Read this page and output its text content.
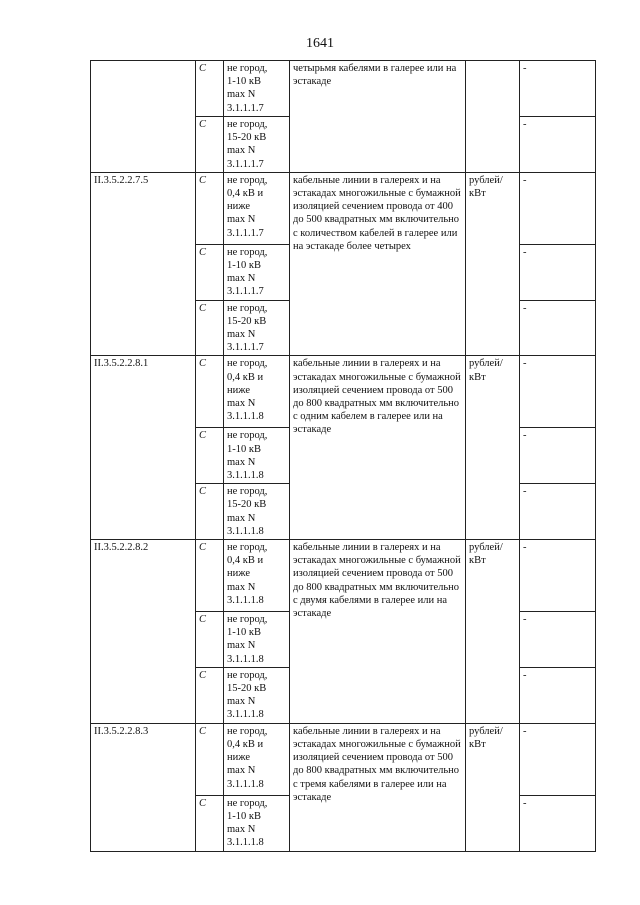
1641
	С	не город,
1-10 кВ
max N
3.1.1.1.7	четырьмя кабелями в галерее или на эстакаде		-
	С	не город,
15-20 кВ
max N
3.1.1.1.7			-
II.3.5.2.2.7.5	С	не город,
0,4 кВ и
ниже
max N
3.1.1.1.7	кабельные линии в галереях и на эстакадах многожильные с бумажной изоляцией сечением провода от 400 до 500 квадратных мм включительно с количеством кабелей в галерее или на эстакаде более четырех	рублей/
кВт	-
	С	не город,
1-10 кВ
max N
3.1.1.1.7			-
	С	не город,
15-20 кВ
max N
3.1.1.1.7			-
II.3.5.2.2.8.1	С	не город,
0,4 кВ и
ниже
max N
3.1.1.1.8	кабельные линии в галереях и на эстакадах многожильные с бумажной изоляцией сечением провода от 500 до 800 квадратных мм включительно с одним кабелем в галерее или на эстакаде	рублей/
кВт	-
	С	не город,
1-10 кВ
max N
3.1.1.1.8			-
	С	не город,
15-20 кВ
max N
3.1.1.1.8			-
II.3.5.2.2.8.2	С	не город,
0,4 кВ и
ниже
max N
3.1.1.1.8	кабельные линии в галереях и на эстакадах многожильные с бумажной изоляцией сечением провода от 500 до 800 квадратных мм включительно с двумя кабелями в галерее или на эстакаде	рублей/
кВт	-
	С	не город,
1-10 кВ
max N
3.1.1.1.8			-
	С	не город,
15-20 кВ
max N
3.1.1.1.8			-
II.3.5.2.2.8.3	С	не город,
0,4 кВ и
ниже
max N
3.1.1.1.8	кабельные линии в галереях и на эстакадах многожильные с бумажной изоляцией сечением провода от 500 до 800 квадратных мм включительно с тремя кабелями в галерее или на эстакаде	рублей/
кВт	-
	С	не город,
1-10 кВ
max N
3.1.1.1.8			-
